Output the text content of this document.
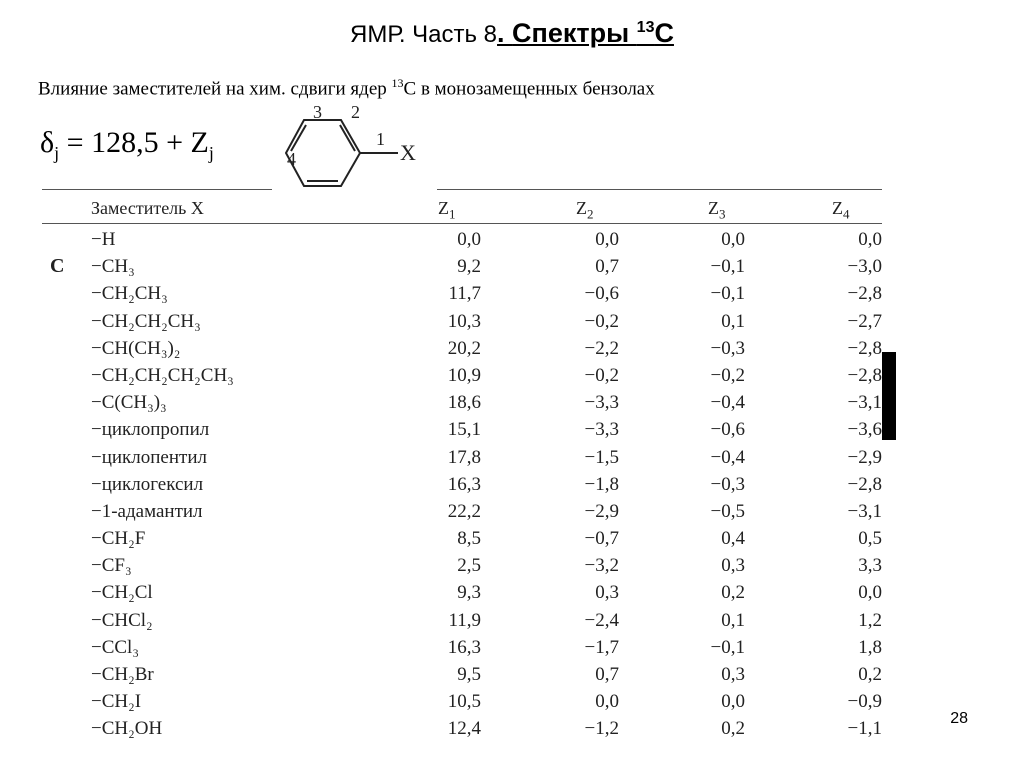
ЯМР. Часть 8. Спектры $^{13}$С
Влияние заместителей на хим. сдвиги ядер $^{13}$С в монозамещенных бензолах
$\delta_j = 128,5 + Z_j$
3 2
1
4	X
Заместитель X	$Z_1$	$Z_2$	$Z_3$	$Z_4$
−H	0,0	0,0	0,0	0,0
C −CH₃	9,2	0,7	−0,1	−3,0
−CH₂CH₃	11,7	−0,6	−0,1	−2,8
−CH₂CH₂CH₃	10,3	−0,2	0,1	−2,7
−CH(CH₃)₂	20,2	−2,2	−0,3	−2,8
−CH₂CH₂CH₂CH₃	10,9	−0,2	−0,2	−2,8
−C(CH₃)₃	18,6	−3,3	−0,4	−3,1
−циклопропил	15,1	−3,3	−0,6	−3,6
−циклопентил	17,8	−1,5	−0,4	−2,9
−циклогексил	16,3	−1,8	−0,3	−2,8
−1-адамантил	22,2	−2,9	−0,5	−3,1
−CH₂F	8,5	−0,7	0,4	0,5
−CF₃	2,5	−3,2	0,3	3,3
−CH₂Cl	9,3	0,3	0,2	0,0
−CHCl₂	11,9	−2,4	0,1	1,2
−CCl₃	16,3	−1,7	−0,1	1,8
−CH₂Br	9,5	0,7	0,3	0,2
−CH₂I	10,5	0,0	0,0	−0,9
−CH₂OH	12,4	−1,2	0,2	−1,1	28
